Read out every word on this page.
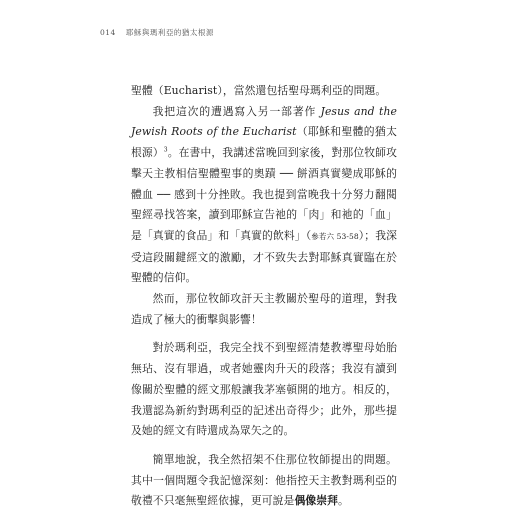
014 耶穌與瑪利亞的猶太根源

聖體（Eucharist），當然還包括聖母瑪利亞的問題。

我把這次的遭遇寫入另一部著作 Jesus and the Jewish Roots of the Eucharist（耶穌和聖體的猶太根源）$^3$。在書中，我講述當晚回到家後，對那位牧師攻擊天主教相信聖體聖事的奧蹟 ── 餅酒真實變成耶穌的體血 ── 感到十分挫敗。我也提到當晚我十分努力翻閱聖經尋找答案，讀到耶穌宣告祂的「肉」和祂的「血」是「真實的食品」和「真實的飲料」（參若六 53-58）；我深受這段關鍵經文的激勵，才不致失去對耶穌真實臨在於聖體的信仰。

然而，那位牧師攻訐天主教關於聖母的道理，對我造成了極大的衝擊與影響！

對於瑪利亞，我完全找不到聖經清楚教導聖母始胎無玷、沒有罪過，或者她靈肉升天的段落；我沒有讀到像關於聖體的經文那般讓我茅塞頓開的地方。相反的，我還認為新約對瑪利亞的記述出奇得少；此外，那些提及她的經文有時還成為眾矢之的。

簡單地說，我全然招架不住那位牧師提出的問題。其中一個問題令我記憶深刻：他指控天主教對瑪利亞的敬禮不只毫無聖經依據，更可說是偶像崇拜。
